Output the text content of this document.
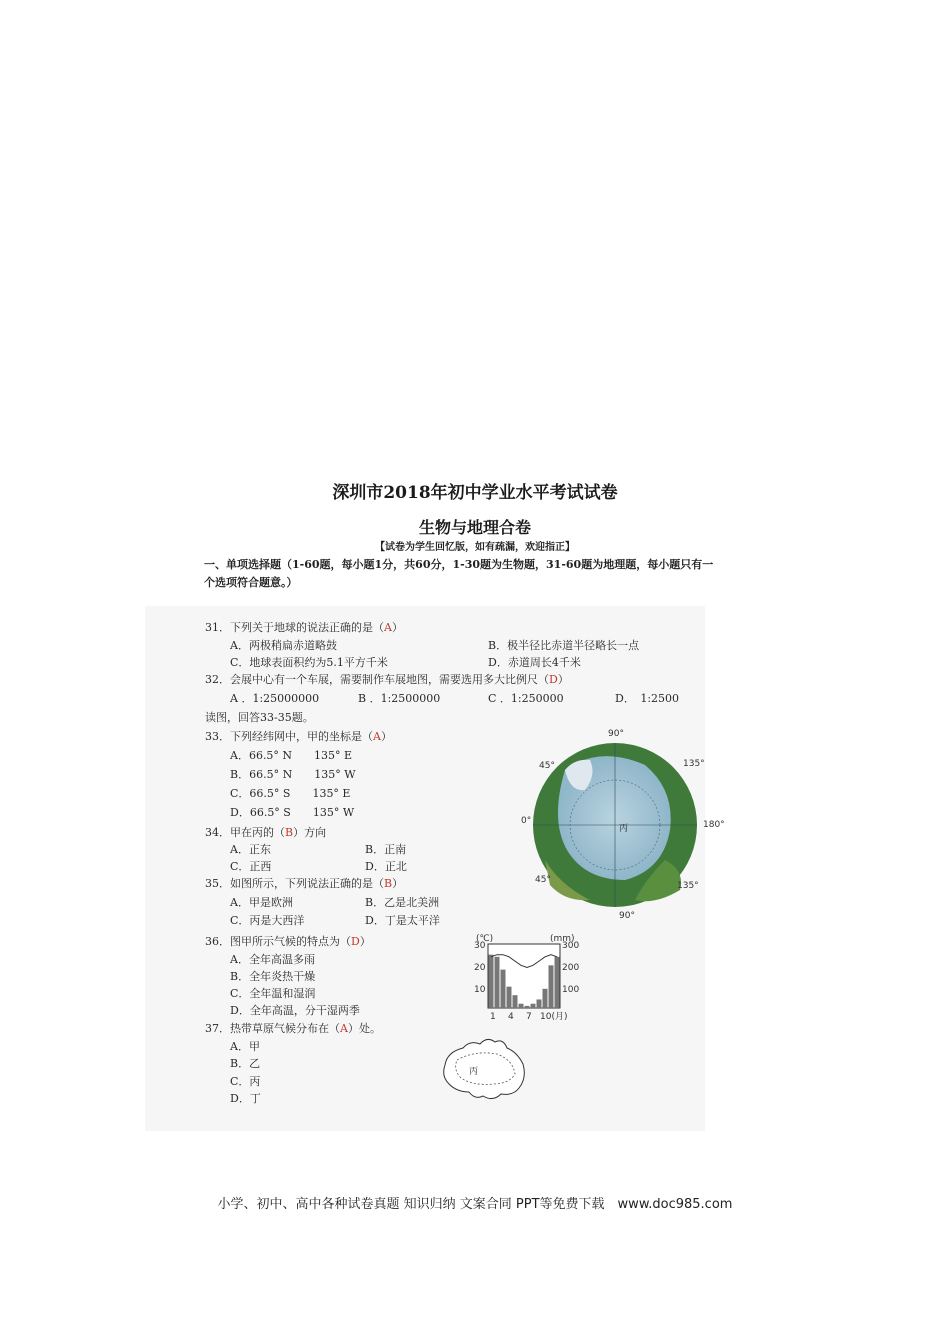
深圳市2018年初中学业水平考试试卷
生物与地理合卷
【试卷为学生回忆版，如有疏漏，欢迎指正】
一、单项选择题（1-60题，每小题1分，共60分，1-30题为生物题，31-60题为地理题，每小题只有一
个选项符合题意。）
31．下列关于地球的说法正确的是（A）
A．两极稍扁赤道略鼓	B．极半径比赤道半径略长一点
C．地球表面积约为5.1平方千米	D．赤道周长4千米
32．会展中心有一个车展，需要制作车展地图，需要选用多大比例尺（D）
A ．1:25000000	B ．1:2500000	C ．1:250000	D．　1:2500
读图，回答33-35题。
33．下列经纬网中，甲的坐标是（A）
A．66.5° N　　135° E
B．66.5° N　　135° W
C．66.5° S　　135° E
D．66.5° S　　135° W
34．甲在丙的（B）方向
A．正东	B．正南
C．正西	D．正北
35．如图所示，下列说法正确的是（B）
A．甲是欧洲	B．乙是北美洲
C．丙是大西洋	D．丁是太平洋
36．图甲所示气候的特点为（D）
A．全年高温多雨
B．全年炎热干燥
C．全年温和湿润
D．全年高温，分干湿两季
37．热带草原气候分布在（A）处。
A．甲
B．乙
C．丙
D．丁
90°
90°
0°	180°
45°	135°
45°
135°
丙
(℃)	(mm)
30
20
10
300
200
100
1 4 7 10(月)
丙
小学、初中、高中各种试卷真题 知识归纳 文案合同 PPT等免费下载　www.doc985.com
